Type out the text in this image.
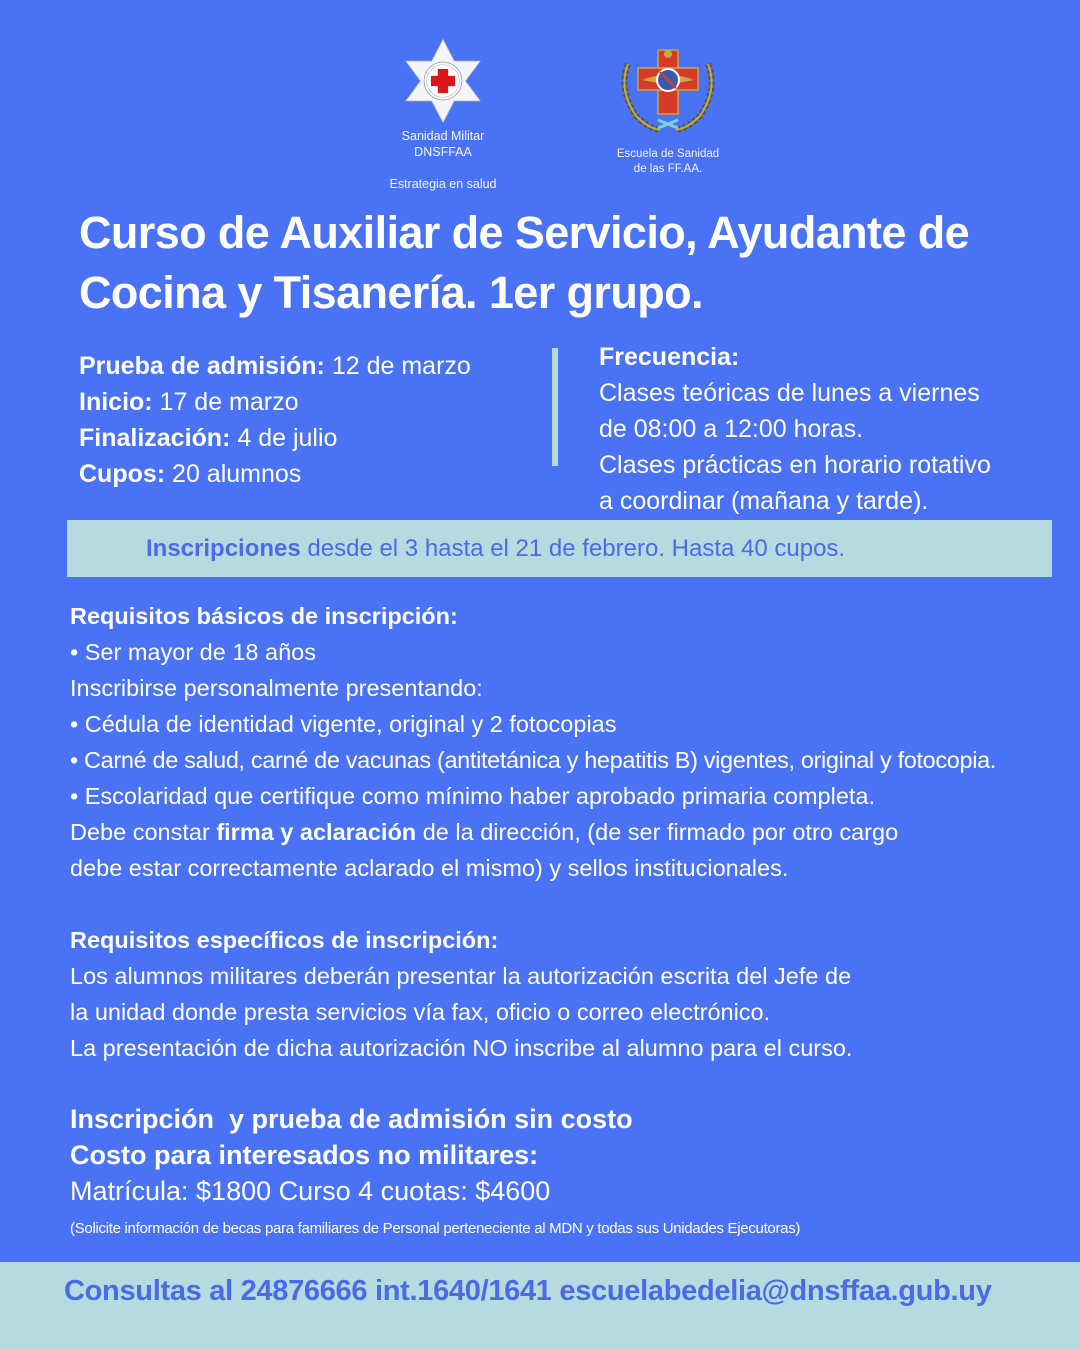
Sanidad Militar
DNSFFAA
Estrategia en salud
Escuela de Sanidad
de las FF.AA.
Curso de Auxiliar de Servicio, Ayudante de
Cocina y Tisanería. 1er grupo.
Prueba de admisión: 12 de marzo
Inicio: 17 de marzo
Finalización: 4 de julio
Cupos: 20 alumnos
Frecuencia:
Clases teóricas de lunes a viernes
de 08:00 a 12:00 horas.
Clases prácticas en horario rotativo
a coordinar (mañana y tarde).
Inscripciones desde el 3 hasta el 21 de febrero. Hasta 40 cupos.
Requisitos básicos de inscripción:
• Ser mayor de 18 años
Inscribirse personalmente presentando:
• Cédula de identidad vigente, original y 2 fotocopias
• Carné de salud, carné de vacunas (antitetánica y hepatitis B) vigentes, original y fotocopia.
• Escolaridad que certifique como mínimo haber aprobado primaria completa.
Debe constar firma y aclaración de la dirección, (de ser firmado por otro cargo
debe estar correctamente aclarado el mismo) y sellos institucionales.
Requisitos específicos de inscripción:
Los alumnos militares deberán presentar la autorización escrita del Jefe de
la unidad donde presta servicios vía fax, oficio o correo electrónico.
La presentación de dicha autorización NO inscribe al alumno para el curso.
Inscripción  y prueba de admisión sin costo
Costo para interesados no militares:
Matrícula: $1800 Curso 4 cuotas: $4600
(Solicite información de becas para familiares de Personal perteneciente al MDN y todas sus Unidades Ejecutoras)
Consultas al 24876666 int.1640/1641 escuelabedelia@dnsffaa.gub.uy
